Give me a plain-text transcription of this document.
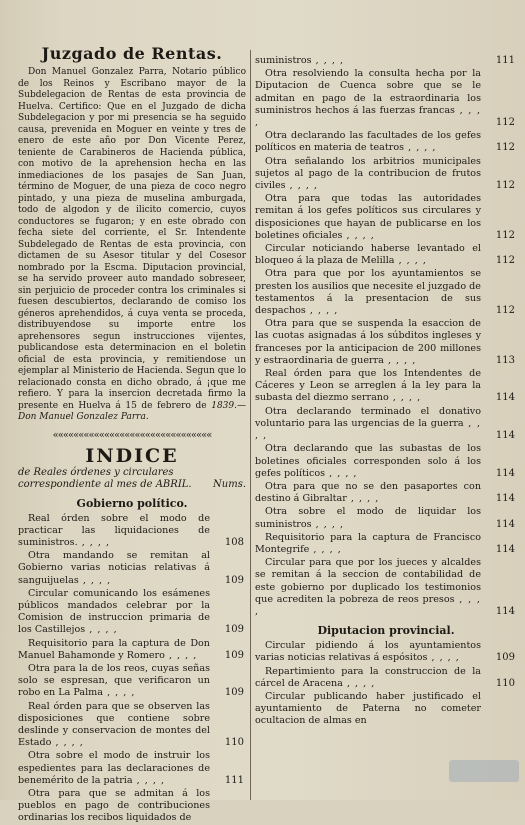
Juzgado de Rentas.

Don Manuel Gonzalez Parra, Notario público de los Reinos y Escribano mayor de la Subdelegacion de Rentas de esta provincia de Huelva. Certifico: Que en el Juzgado de dicha Subdelegacion y por mi presencia se ha seguido causa, prevenida en Moguer en veinte y tres de enero de este año por Don Vicente Perez, teniente de Carabineros de Hacienda pública, con motivo de la aprehension hecha en las inmediaciones de los pasajes de San Juan, término de Moguer, de una pieza de coco negro pintado, y una pieza de muselina amburgada, todo de algodon y de ilicito comercio, cuyos conductores se fugaron; y en este obrado con fecha siete del corriente, el Sr. Intendente Subdelegado de Rentas de esta provincia, con dictamen de su Asesor titular y del Cosesor nombrado por la Escma. Diputacion provincial, se ha servido proveer auto mandado sobreseer, sin perjuicio de proceder contra los criminales si fuesen descubiertos, declarando de comiso los géneros aprehendidos, á cuya venta se proceda, distribuyendose su importe entre los aprehensores segun instrucciones vijentes, publicandose esta determinacion en el boletin oficial de esta provincia, y remitiendose un ejemplar al Ministerio de Hacienda. Segun que lo relacionado consta en dicho obrado, á ¡que me refiero. Y para la insercion decretada firmo la presente en Huelva á 15 de febrero de 1839.— Don Manuel Gonzalez Parra.

«««««««««««««««««««««««««««««««
INDICE
de Reales órdenes y circulares correspondiente al mes de ABRIL. Nums.
Gobierno político.

Real órden sobre el modo de practicar las liquidaciones de suministros. , , , ,	108

Otra mandando se remitan al Gobierno varias noticias relativas á sanguijuelas , , , ,	109

Circular comunicando los esámenes públicos mandados celebrar por la Comision de instruccion primaria de los Castillejos , , , ,	109

Requisitorio para la captura de Don Manuel Bahamonde y Romero , , , ,	109

Otra para la de los reos, cuyas señas solo se espresan, que verificaron un robo en La Palma , , , ,	109

Real órden para que se observen las disposiciones que contiene sobre deslinde y conservacion de montes del Estado , , , ,	110

Otra sobre el modo de instruir los espedientes para las declaraciones de benemérito de la patria , , , ,	111

Otra para que se admitan á los pueblos en pago de contribuciones ordinarias los recibos liquidados de

suministros , , , ,	111

Otra resolviendo la consulta hecha por la Diputacion de Cuenca sobre que se le admitan en pago de la estraordinaria los suministros hechos á las fuerzas francas , , , ,	112

Otra declarando las facultades de los gefes políticos en materia de teatros , , , ,	112

Otra señalando los arbitrios municipales sujetos al pago de la contribucion de frutos civiles , , , ,	112

Otra para que todas las autoridades remitan á los gefes políticos sus circulares y disposiciones que hayan de publicarse en los boletines oficiales , , , ,	112

Circular noticiando haberse levantado el bloqueo á la plaza de Melilla , , , ,	112

Otra para que por los ayuntamientos se presten los ausilios que necesite el juzgado de testamentos á la presentacion de sus despachos , , , ,	112

Otra para que se suspenda la esaccion de las cuotas asignadas á los súbditos ingleses y franceses por la anticipacion de 200 millones y estraordinaria de guerra , , , ,	113

Real órden para que los Intendentes de Cáceres y Leon se arreglen á la ley para la subasta del diezmo serrano , , , ,	114

Otra declarando terminado el donativo voluntario para las urgencias de la guerra , , , ,	114

Otra declarando que las subastas de los boletines oficiales corresponden solo á los gefes políticos , , , ,	114

Otra para que no se den pasaportes con destino á Gibraltar , , , ,	114

Otra sobre el modo de liquidar los suministros , , , ,	114

Requisitorio para la captura de Francisco Montegrife , , , ,	114

Circular para que por los jueces y alcaldes se remitan á la seccion de contabilidad de este gobierno por duplicado los testimonios que acrediten la pobreza de reos presos , , , ,	114

Diputacion provincial.

Circular pidiendo á los ayuntamientos varias noticias relativas á espósitos , , , ,	109

Repartimiento para la construccion de la cárcel de Aracena , , , ,	110

Circular publicando haber justificado el ayuntamiento de Paterna no cometer ocultacion de almas en
